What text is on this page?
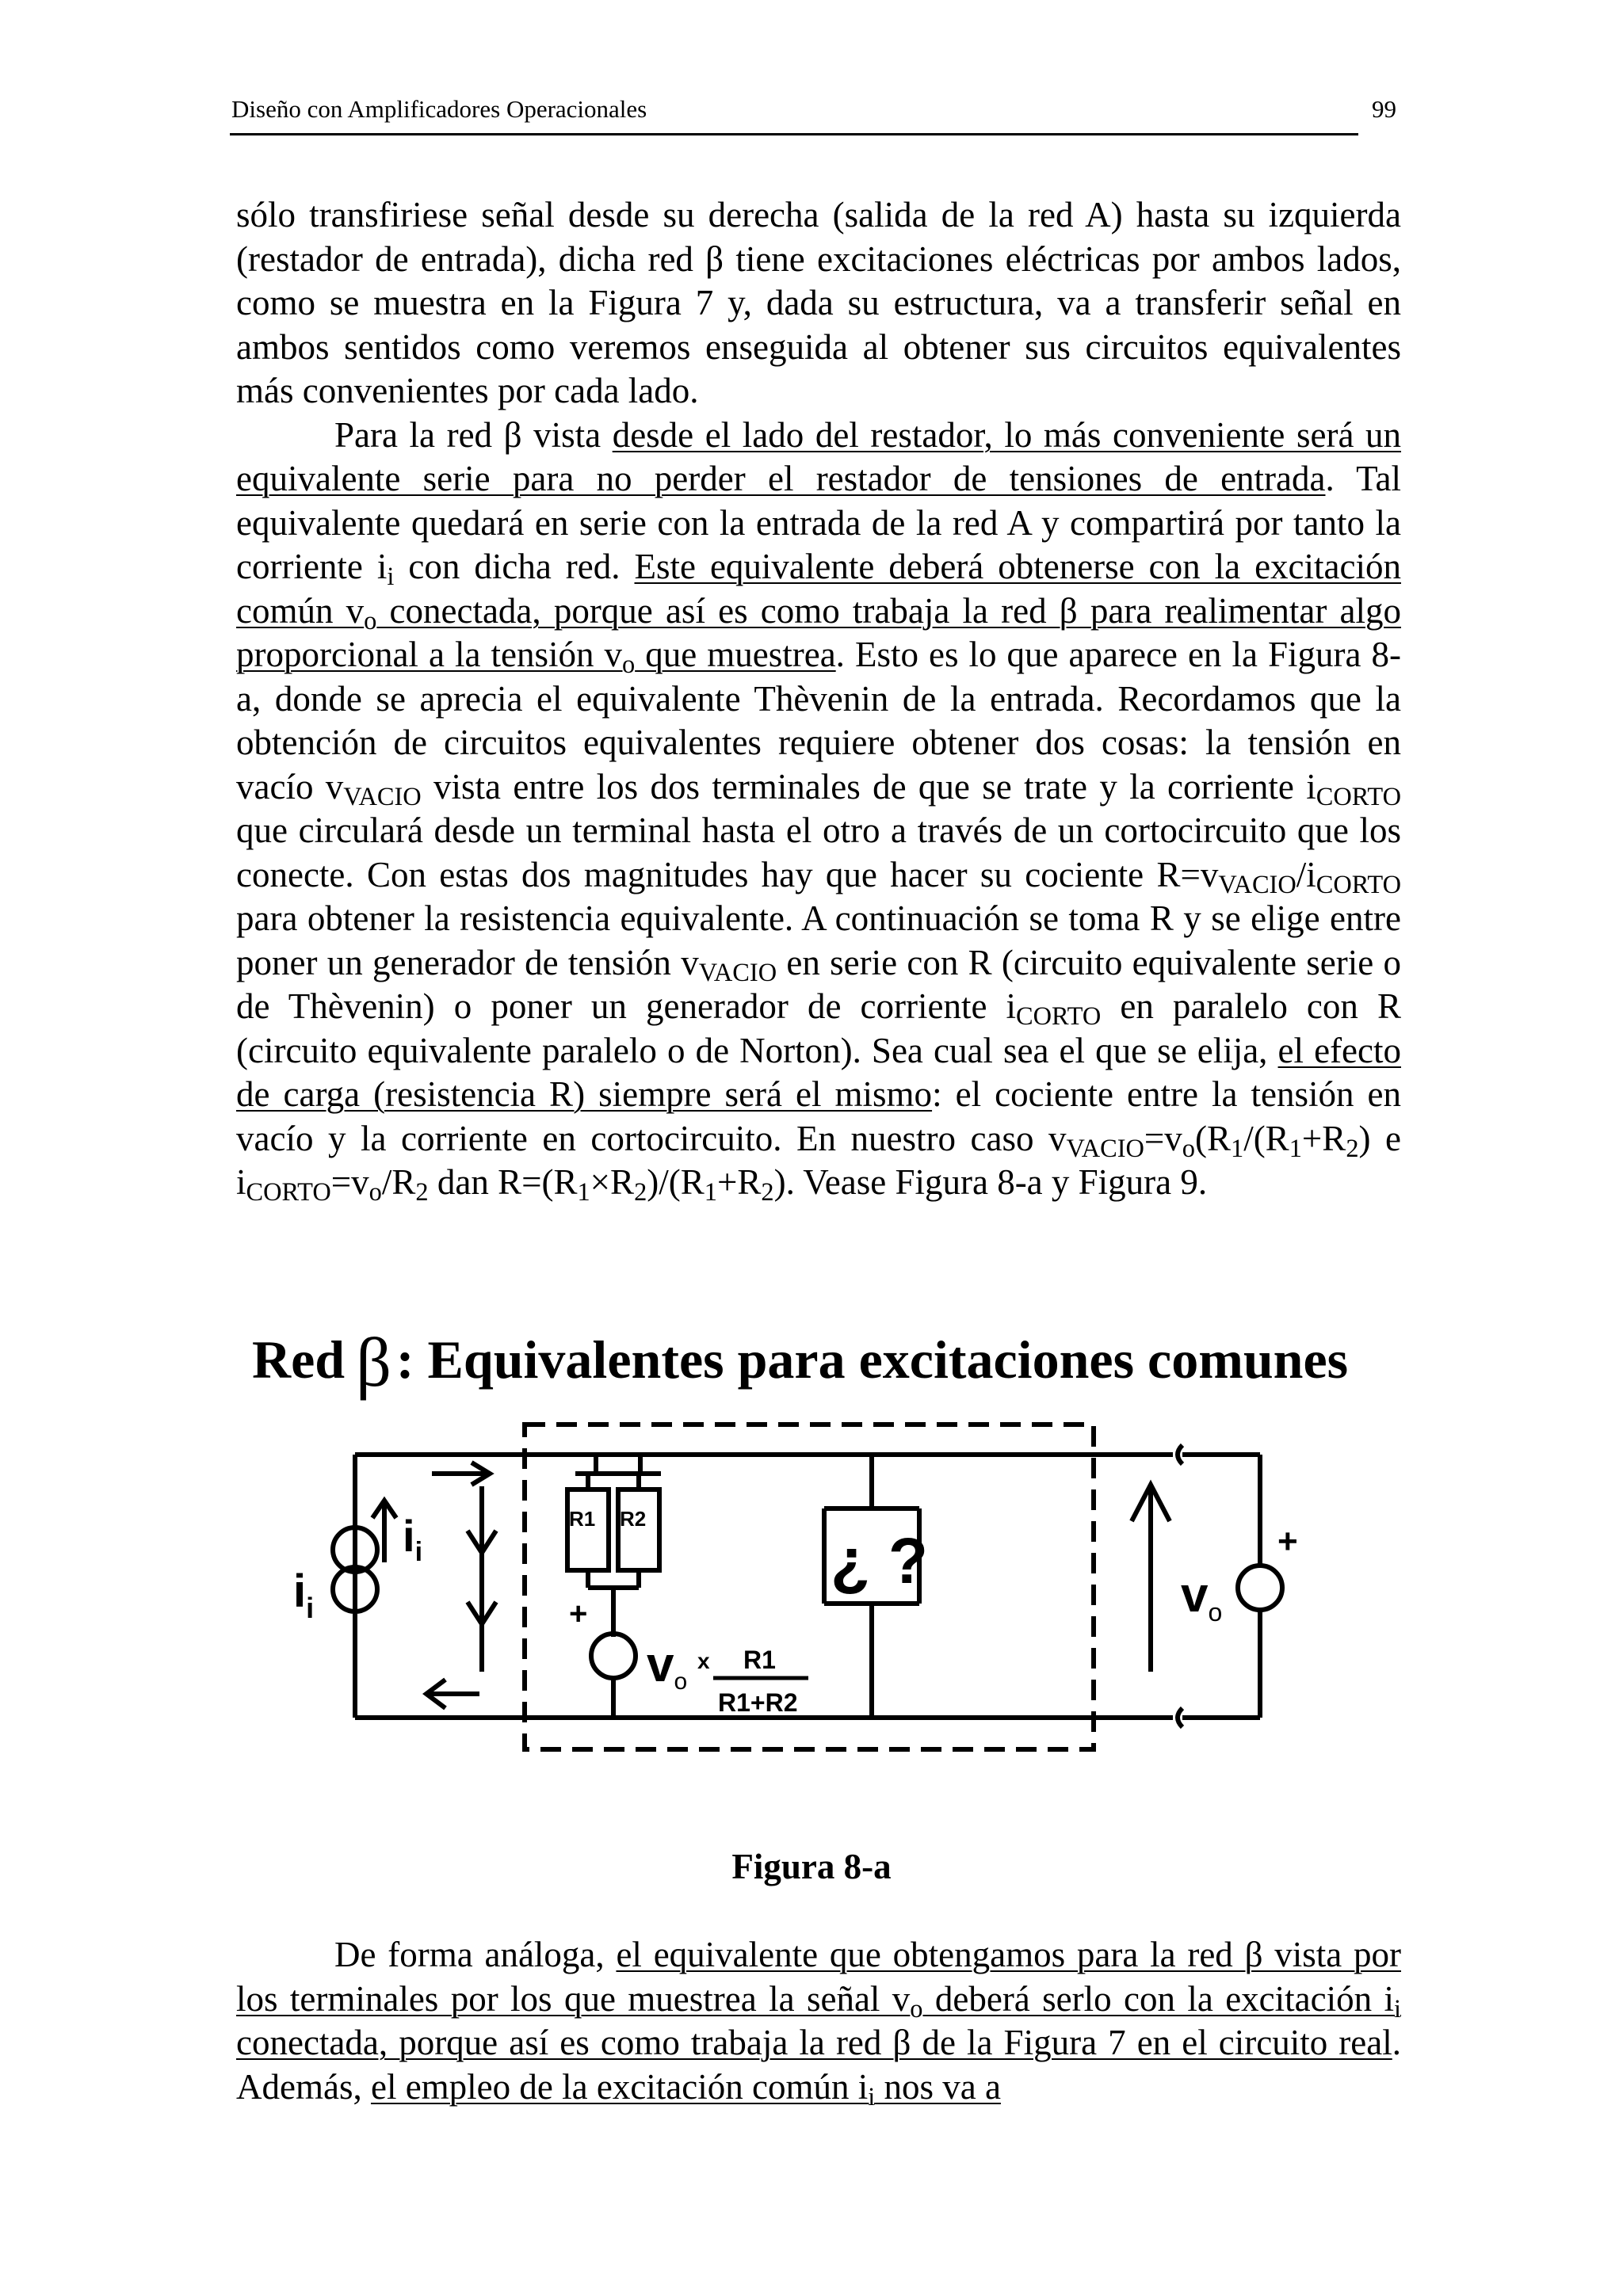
Diseño con Amplificadores Operacionales	99

sólo transfiriese señal desde su derecha (salida de la red A) hasta su izquierda (restador de entrada), dicha red β tiene excitaciones eléctricas por ambos lados, como se muestra en la Figura 7 y, dada su estructura, va a transferir señal en ambos sentidos como veremos enseguida al obtener sus circuitos equivalentes más convenientes por cada lado.

Para la red β vista desde el lado del restador, lo más conveniente será un equivalente serie para no perder el restador de tensiones de entrada. Tal equivalente quedará en serie con la entrada de la red A y compartirá por tanto la corriente $i_i$ con dicha red. Este equivalente deberá obtenerse con la excitación común $v_o$ conectada, porque así es como trabaja la red β para realimentar algo proporcional a la tensión $v_o$ que muestrea. Esto es lo que aparece en la Figura 8-a, donde se aprecia el equivalente Thèvenin de la entrada. Recordamos que la obtención de circuitos equivalentes requiere obtener dos cosas: la tensión en vacío $v_{VACIO}$ vista entre los dos terminales de que se trate y la corriente $i_{CORTO}$ que circulará desde un terminal hasta el otro a través de un cortocircuito que los conecte. Con estas dos magnitudes hay que hacer su cociente $R=v_{VACIO}/i_{CORTO}$ para obtener la resistencia equivalente. A continuación se toma R y se elige entre poner un generador de tensión $v_{VACIO}$ en serie con R (circuito equivalente serie o de Thèvenin) o poner un generador de corriente $i_{CORTO}$ en paralelo con R (circuito equivalente paralelo o de Norton). Sea cual sea el que se elija, el efecto de carga (resistencia R) siempre será el mismo: el cociente entre la tensión en vacío y la corriente en cortocircuito. En nuestro caso $v_{VACIO}=v_o(R_1/(R_1+R_2)$ e $i_{CORTO}=v_o/R_2$ dan $R=(R_1\times R_2)/(R_1+R_2)$. Vease Figura 8-a y Figura 9.

Red β: Equivalentes para excitaciones comunes
$i_i$
$i_i$
R1 R2
+
vo
x R1
R1+R2
¿ ?	vo
+
Figura 8-a

De forma análoga, el equivalente que obtengamos para la red β vista por los terminales por los que muestrea la señal $v_o$ deberá serlo con la excitación $i_i$ conectada, porque así es como trabaja la red β de la Figura 7 en el circuito real. Además, el empleo de la excitación común $i_i$ nos va a
